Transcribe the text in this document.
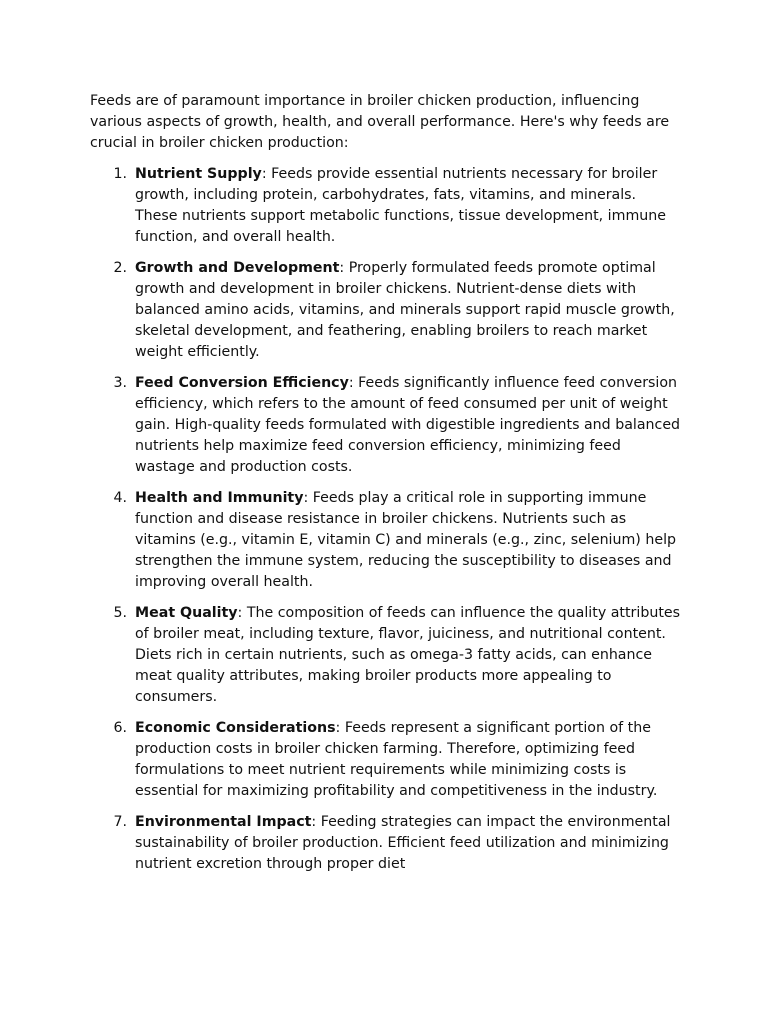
Feeds are of paramount importance in broiler chicken production, influencing various aspects of growth, health, and overall performance. Here's why feeds are crucial in broiler chicken production:

1. Nutrient Supply: Feeds provide essential nutrients necessary for broiler growth, including protein, carbohydrates, fats, vitamins, and minerals. These nutrients support metabolic functions, tissue development, immune function, and overall health.
2. Growth and Development: Properly formulated feeds promote optimal growth and development in broiler chickens. Nutrient-dense diets with balanced amino acids, vitamins, and minerals support rapid muscle growth, skeletal development, and feathering, enabling broilers to reach market weight efficiently.
3. Feed Conversion Efficiency: Feeds significantly influence feed conversion efficiency, which refers to the amount of feed consumed per unit of weight gain. High-quality feeds formulated with digestible ingredients and balanced nutrients help maximize feed conversion efficiency, minimizing feed wastage and production costs.
4. Health and Immunity: Feeds play a critical role in supporting immune function and disease resistance in broiler chickens. Nutrients such as vitamins (e.g., vitamin E, vitamin C) and minerals (e.g., zinc, selenium) help strengthen the immune system, reducing the susceptibility to diseases and improving overall health.
5. Meat Quality: The composition of feeds can influence the quality attributes of broiler meat, including texture, flavor, juiciness, and nutritional content. Diets rich in certain nutrients, such as omega-3 fatty acids, can enhance meat quality attributes, making broiler products more appealing to consumers.
6. Economic Considerations: Feeds represent a significant portion of the production costs in broiler chicken farming. Therefore, optimizing feed formulations to meet nutrient requirements while minimizing costs is essential for maximizing profitability and competitiveness in the industry.
7. Environmental Impact: Feeding strategies can impact the environmental sustainability of broiler production. Efficient feed utilization and minimizing nutrient excretion through proper diet
